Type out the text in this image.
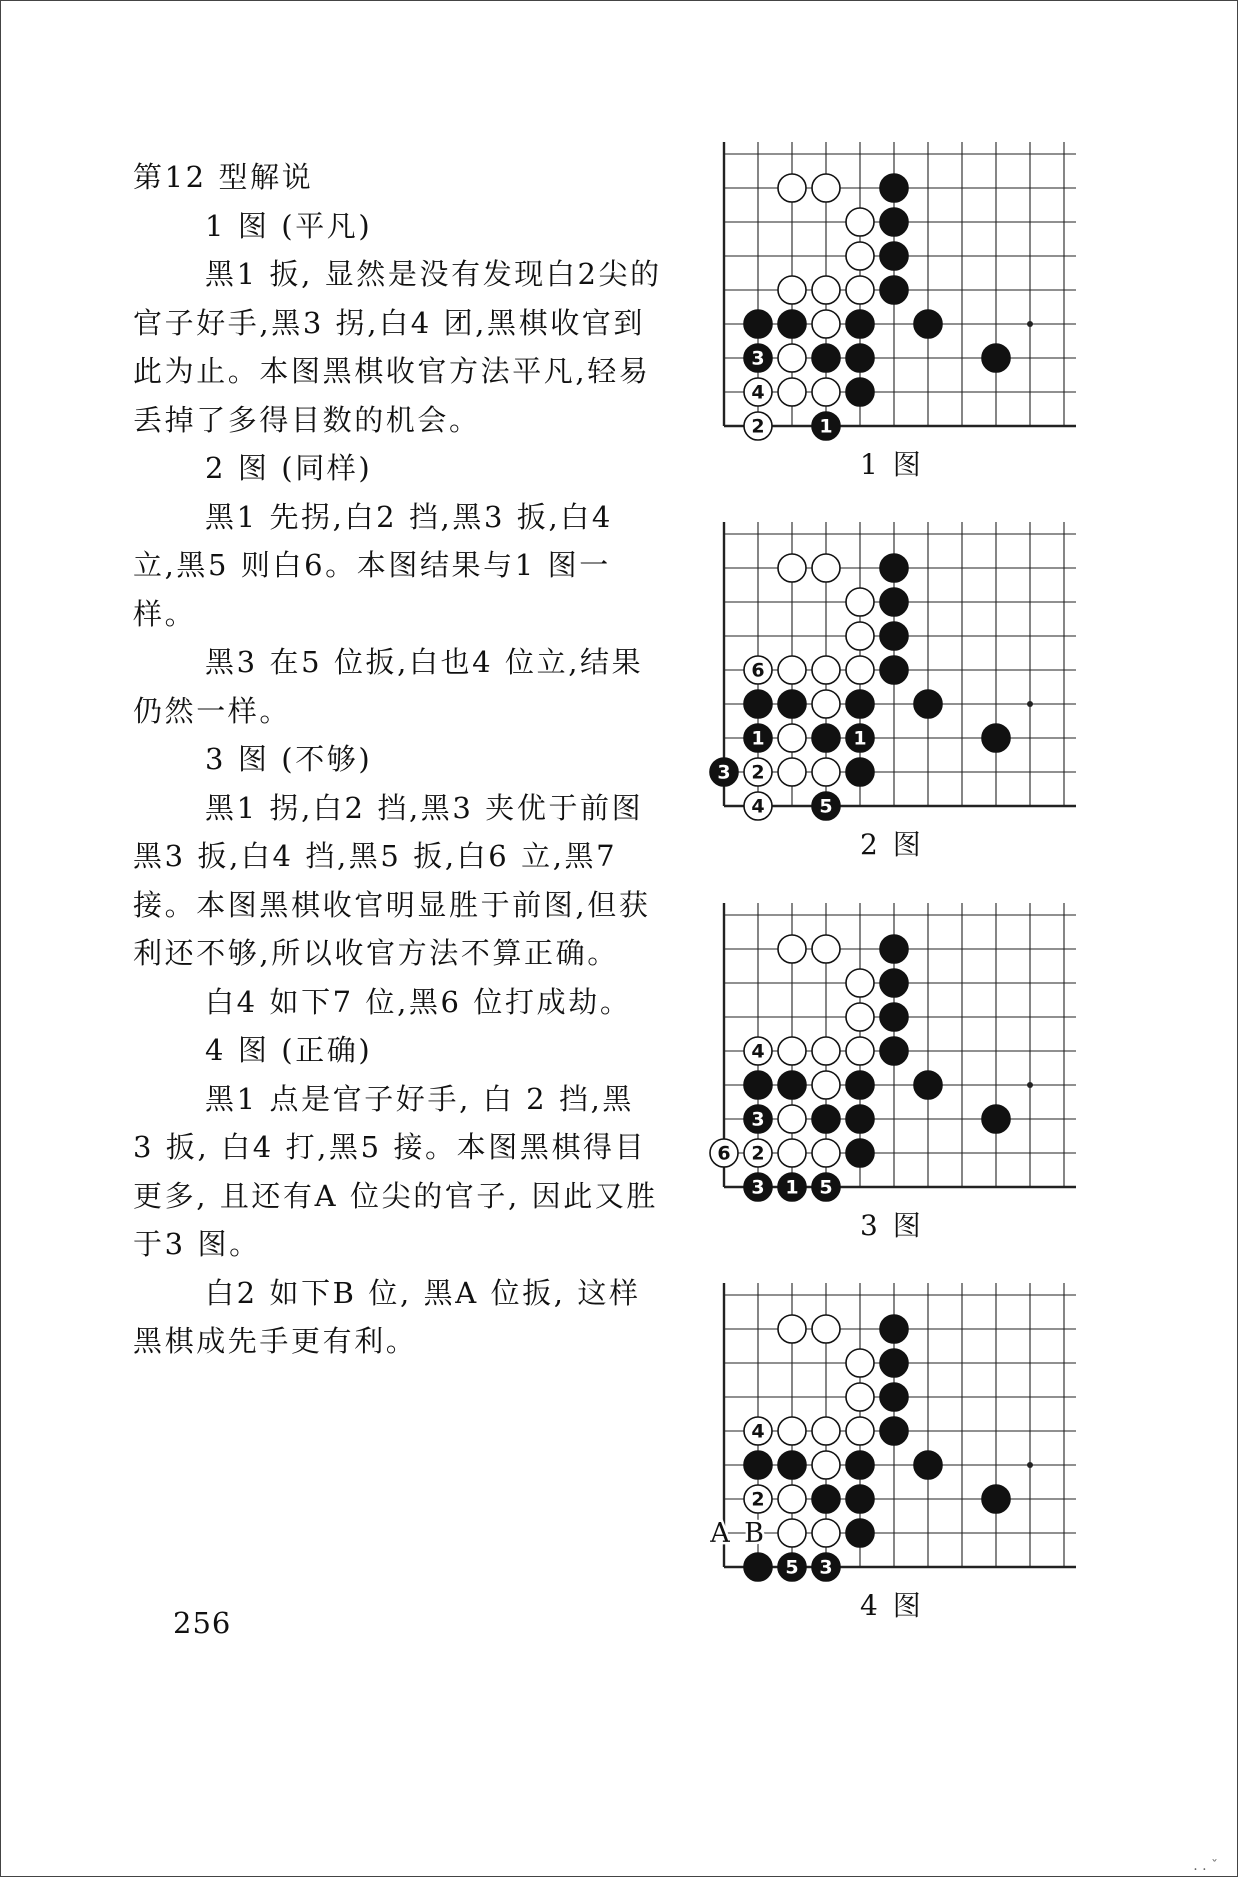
第12 型解说

1 图 (平凡)

黑1 扳, 显然是没有发现白2尖的官子好手,黑3 拐,白4 团,黑棋收官到此为止。本图黑棋收官方法平凡,轻易丢掉了多得目数的机会。

2 图 (同样)

黑1 先拐,白2 挡,黑3 扳,白4 立,黑5 则白6。本图结果与1 图一样。

黑3 在5 位扳,白也4 位立,结果仍然一样。

3 图 (不够)

黑1 拐,白2 挡,黑3 夹优于前图黑3 扳,白4 挡,黑5 扳,白6 立,黑7 接。本图黑棋收官明显胜于前图,但获利还不够,所以收官方法不算正确。

白4 如下7 位,黑6 位打成劫。

4 图 (正确)

黑1 点是官子好手, 白 2 挡,黑 3 扳, 白4 打,黑5 接。本图黑棋得目更多, 且还有A 位尖的官子, 因此又胜于3 图。

白2 如下B 位, 黑A 位扳, 这样黑棋成先手更有利。

256
3
4
2	1
1 图
6
1	1
3 2
4	5
2 图
4
3
6 2
3 1 5
3 图
4
2
5 3
A B
4 图
. . ˇ
